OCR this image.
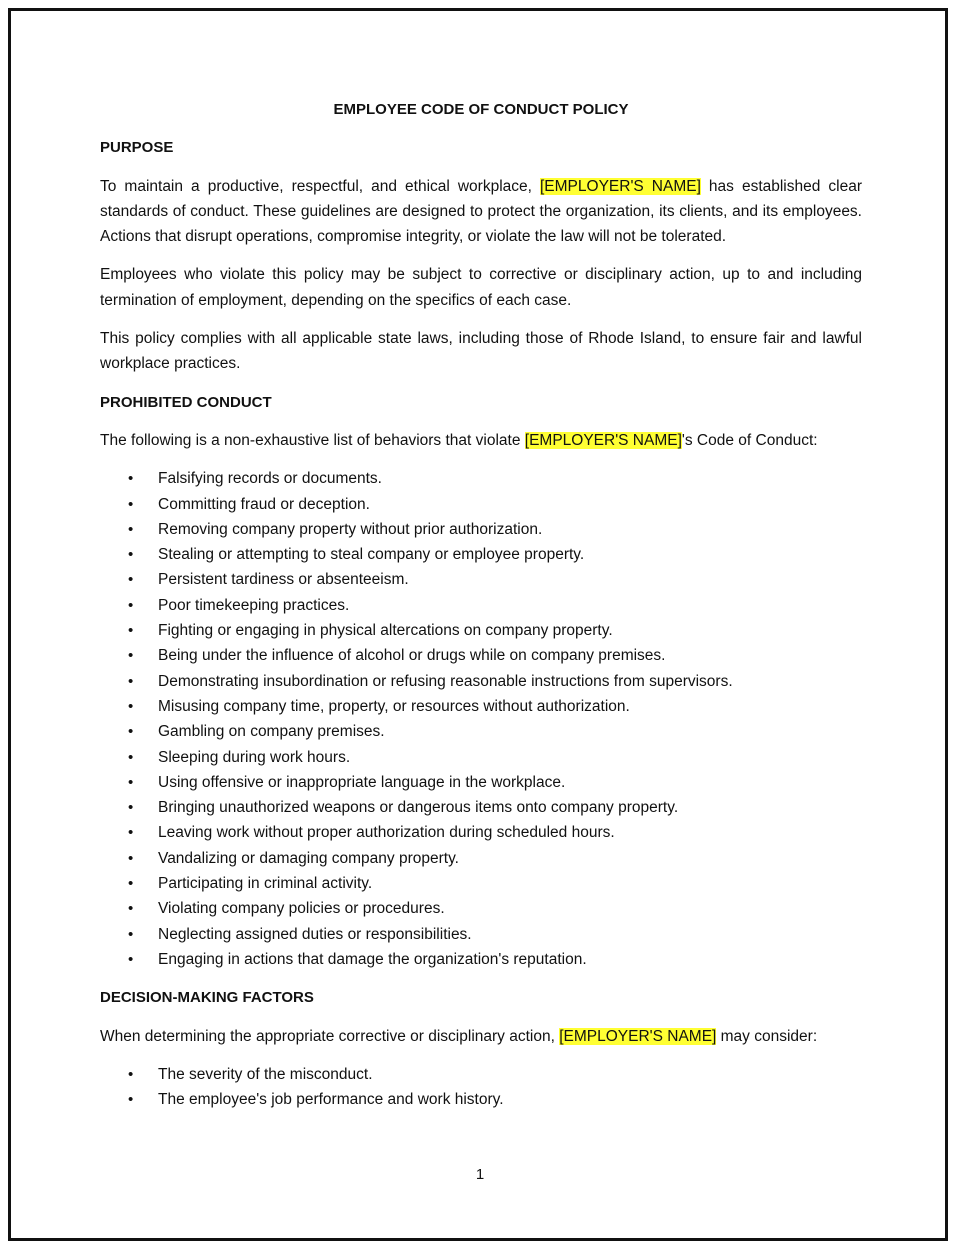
EMPLOYEE CODE OF CONDUCT POLICY
PURPOSE

To maintain a productive, respectful, and ethical workplace, [EMPLOYER'S NAME] has established clear standards of conduct. These guidelines are designed to protect the organization, its clients, and its employees. Actions that disrupt operations, compromise integrity, or violate the law will not be tolerated.

Employees who violate this policy may be subject to corrective or disciplinary action, up to and including termination of employment, depending on the specifics of each case.

This policy complies with all applicable state laws, including those of Rhode Island, to ensure fair and lawful workplace practices.

PROHIBITED CONDUCT

The following is a non-exhaustive list of behaviors that violate [EMPLOYER'S NAME]'s Code of Conduct:

• Falsifying records or documents.
• Committing fraud or deception.
• Removing company property without prior authorization.
• Stealing or attempting to steal company or employee property.
• Persistent tardiness or absenteeism.
• Poor timekeeping practices.
• Fighting or engaging in physical altercations on company property.
• Being under the influence of alcohol or drugs while on company premises.
• Demonstrating insubordination or refusing reasonable instructions from supervisors.
• Misusing company time, property, or resources without authorization.
• Gambling on company premises.
• Sleeping during work hours.
• Using offensive or inappropriate language in the workplace.
• Bringing unauthorized weapons or dangerous items onto company property.
• Leaving work without proper authorization during scheduled hours.
• Vandalizing or damaging company property.
• Participating in criminal activity.
• Violating company policies or procedures.
• Neglecting assigned duties or responsibilities.
• Engaging in actions that damage the organization's reputation.
DECISION-MAKING FACTORS

When determining the appropriate corrective or disciplinary action, [EMPLOYER'S NAME] may consider:

• The severity of the misconduct.
• The employee's job performance and work history.
1
